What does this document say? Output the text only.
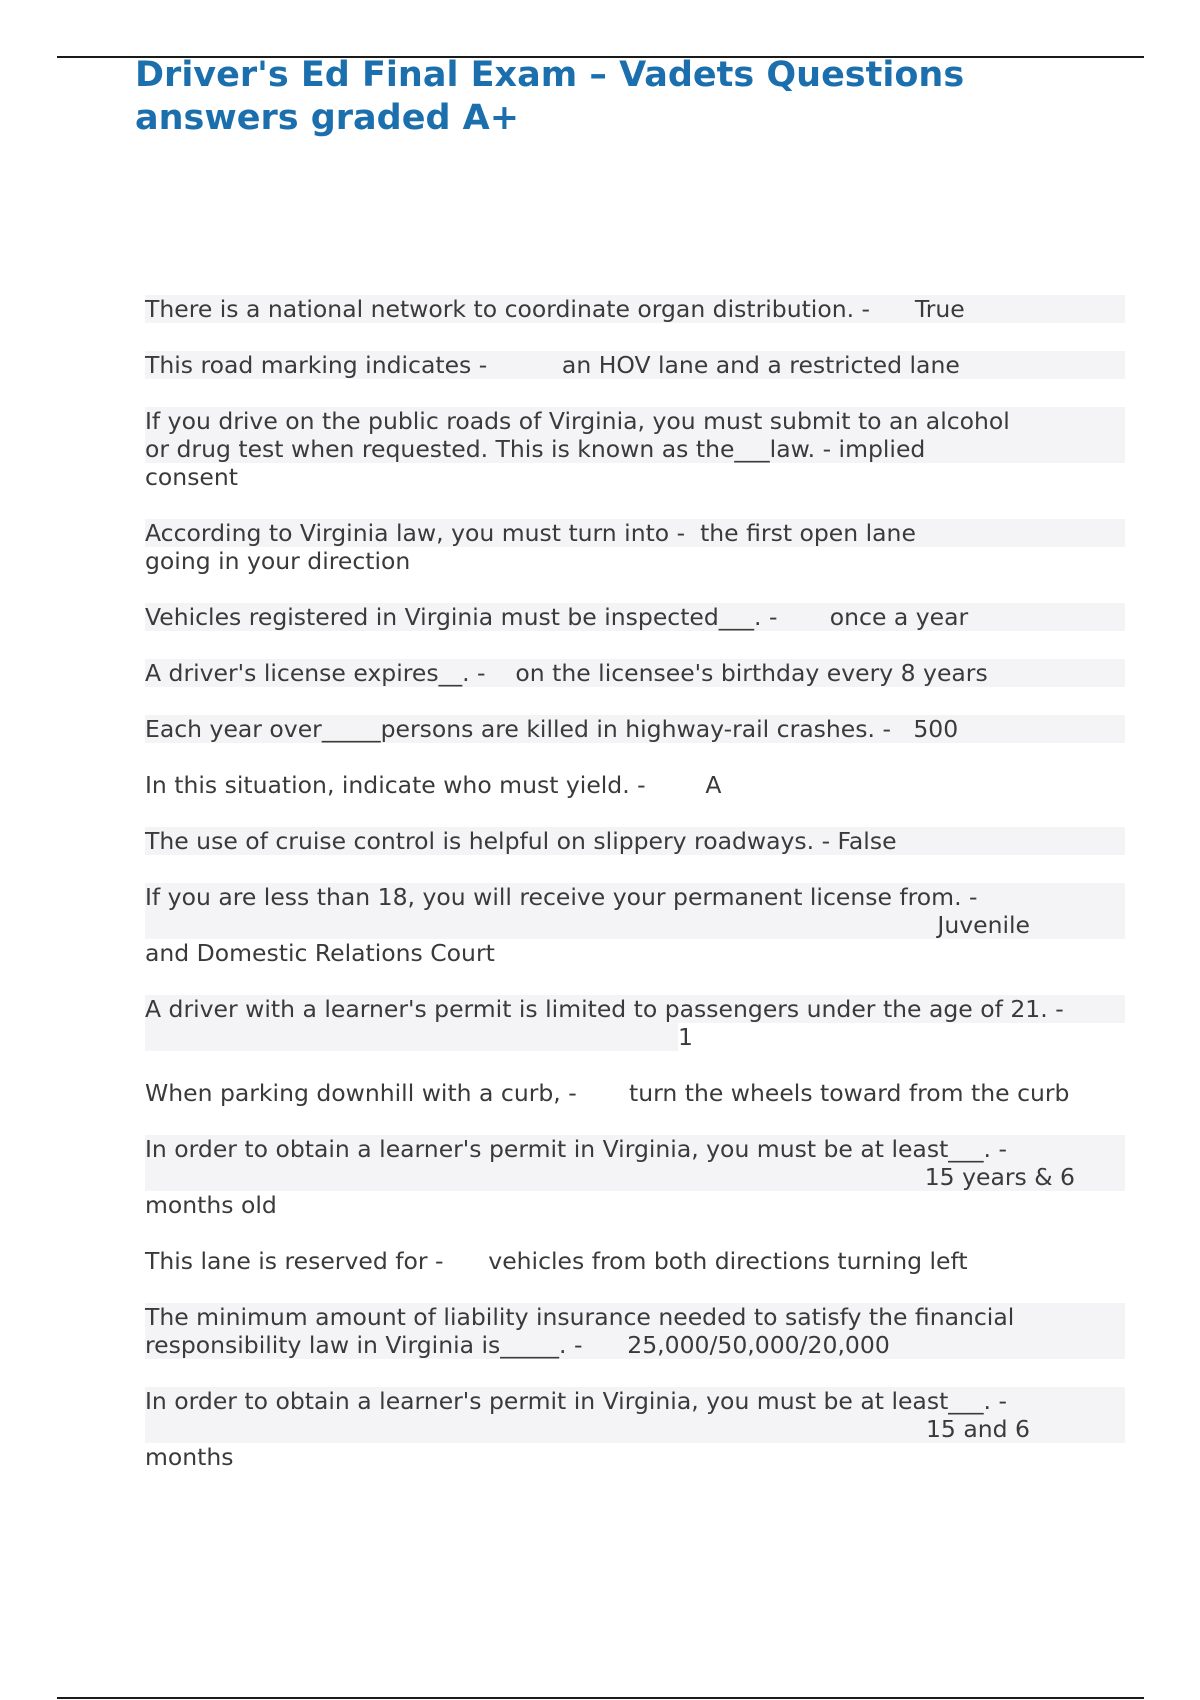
Driver's Ed Final Exam – Vadets Questions
answers graded A+

There is a national network to coordinate organ distribution. -      True

This road marking indicates -          an HOV lane and a restricted lane

If you drive on the public roads of Virginia, you must submit to an alcohol
or drug test when requested. This is known as the___law. - implied
consent

According to Virginia law, you must turn into -  the first open lane
going in your direction

Vehicles registered in Virginia must be inspected___. -       once a year

A driver's license expires__. -    on the licensee's birthday every 8 years

Each year over_____persons are killed in highway-rail crashes. -   500

In this situation, indicate who must yield. -        A

The use of cruise control is helpful on slippery roadways. - False

If you are less than 18, you will receive your permanent license from. -
Juvenile
and Domestic Relations Court

A driver with a learner's permit is limited to passengers under the age of 21. -
1

When parking downhill with a curb, -       turn the wheels toward from the curb

In order to obtain a learner's permit in Virginia, you must be at least___. -
15 years & 6
months old

This lane is reserved for -      vehicles from both directions turning left

The minimum amount of liability insurance needed to satisfy the financial
responsibility law in Virginia is_____. -      25,000/50,000/20,000

In order to obtain a learner's permit in Virginia, you must be at least___. -
15 and 6
months
